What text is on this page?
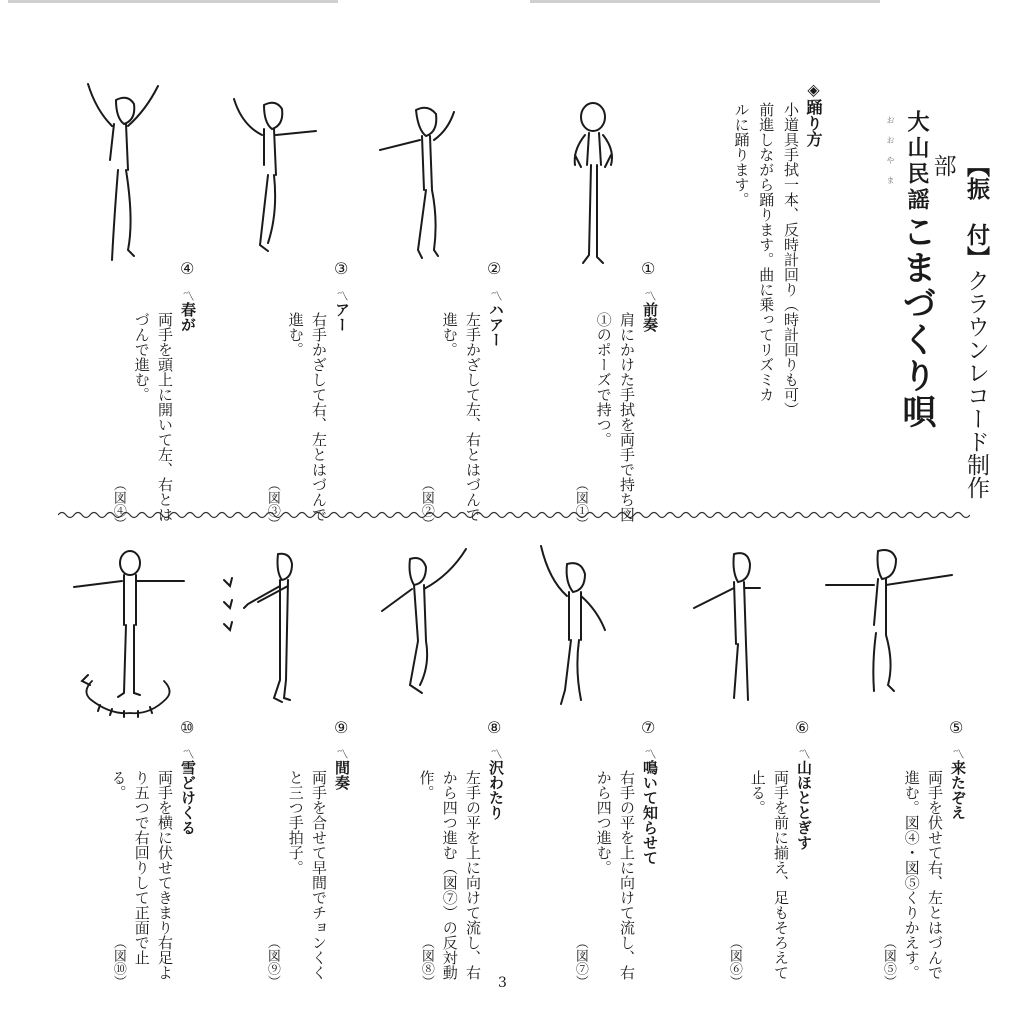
おおやま 大山民謡こまづくり唄
【振　付】クラウンレコード制作部
◈踊り方
小道具手拭一本、反時計回り（時計回りも可）前進しながら踊ります。曲に乗ってリズミカルに踊ります。
①
②
③
④
⑤
⑥
⑦
⑧
⑨
⑩
〽 前奏
肩にかけた手拭を両手で持ち図①のポーズで持つ。
（図①）
〽 ハアー
左手かざして左、右とはづんで進む。
（図②）
〽 アー
右手かざして右、左とはづんで進む。
（図③）
〽 春が
両手を頭上に開いて左、右とはづんで進む。
（図④）
〽 来たぞえ
両手を伏せて右、左とはづんで進む。図④・図⑤くりかえす。
（図⑤）
〽 山ほととぎす
両手を前に揃え、足もそろえて止る。
（図⑥）
〽 鳴いて知らせて
右手の平を上に向けて流し、右から四つ進む。
（図⑦）
〽 沢わたり
左手の平を上に向けて流し、右から四つ進む（図⑦）の反対動作。
（図⑧）
〽 間奏
両手を合せて早間でチョンくくと三つ手拍子。
（図⑨）
〽 雪どけくる
両手を横に伏せてきまり右足より五つで右回りして正面で止る。
（図⑩）	3
